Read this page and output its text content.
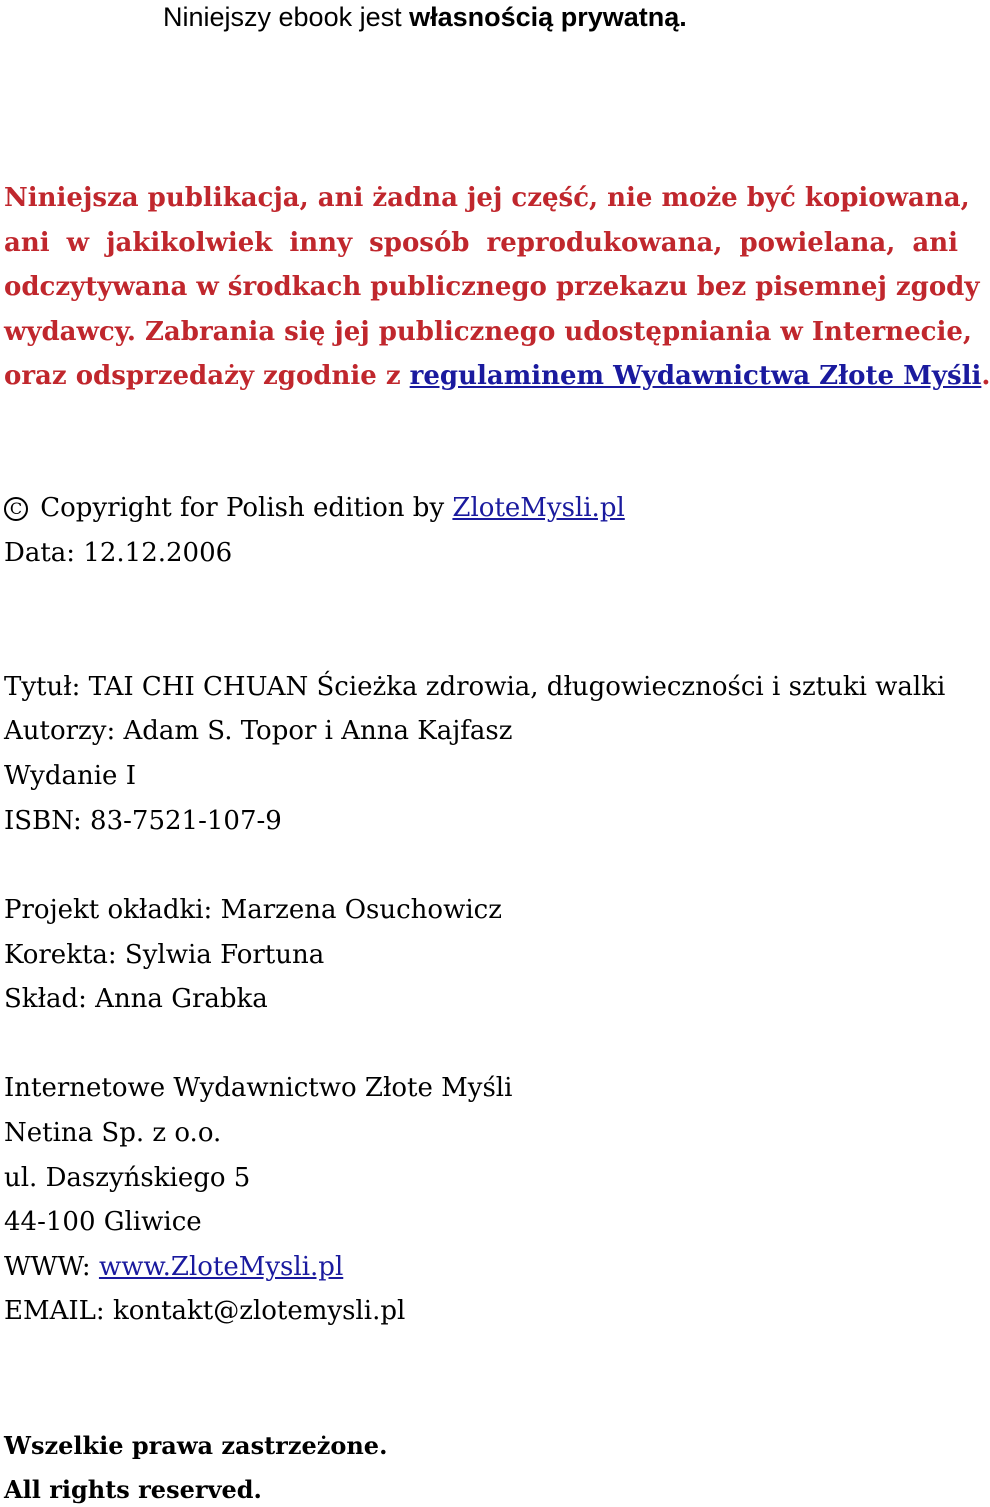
Niniejszy ebook jest własnością prywatną.
Niniejsza publikacja, ani żadna jej część, nie może być kopiowana,
ani w jakikolwiek inny sposób reprodukowana, powielana, ani
odczytywana w środkach publicznego przekazu bez pisemnej zgody
wydawcy. Zabrania się jej publicznego udostępniania w Internecie,
oraz odsprzedaży zgodnie z regulaminem Wydawnictwa Złote Myśli.
C Copyright for Polish edition by ZloteMysli.pl
Data: 12.12.2006
Tytuł: TAI CHI CHUAN Ścieżka zdrowia, długowieczności i sztuki walki
Autorzy: Adam S. Topor i Anna Kajfasz
Wydanie I
ISBN: 83-7521-107-9
Projekt okładki: Marzena Osuchowicz
Korekta: Sylwia Fortuna
Skład: Anna Grabka
Internetowe Wydawnictwo Złote Myśli
Netina Sp. z o.o.
ul. Daszyńskiego 5
44-100 Gliwice
WWW: www.ZloteMysli.pl
EMAIL: kontakt@zlotemysli.pl
Wszelkie prawa zastrzeżone.
All rights reserved.
